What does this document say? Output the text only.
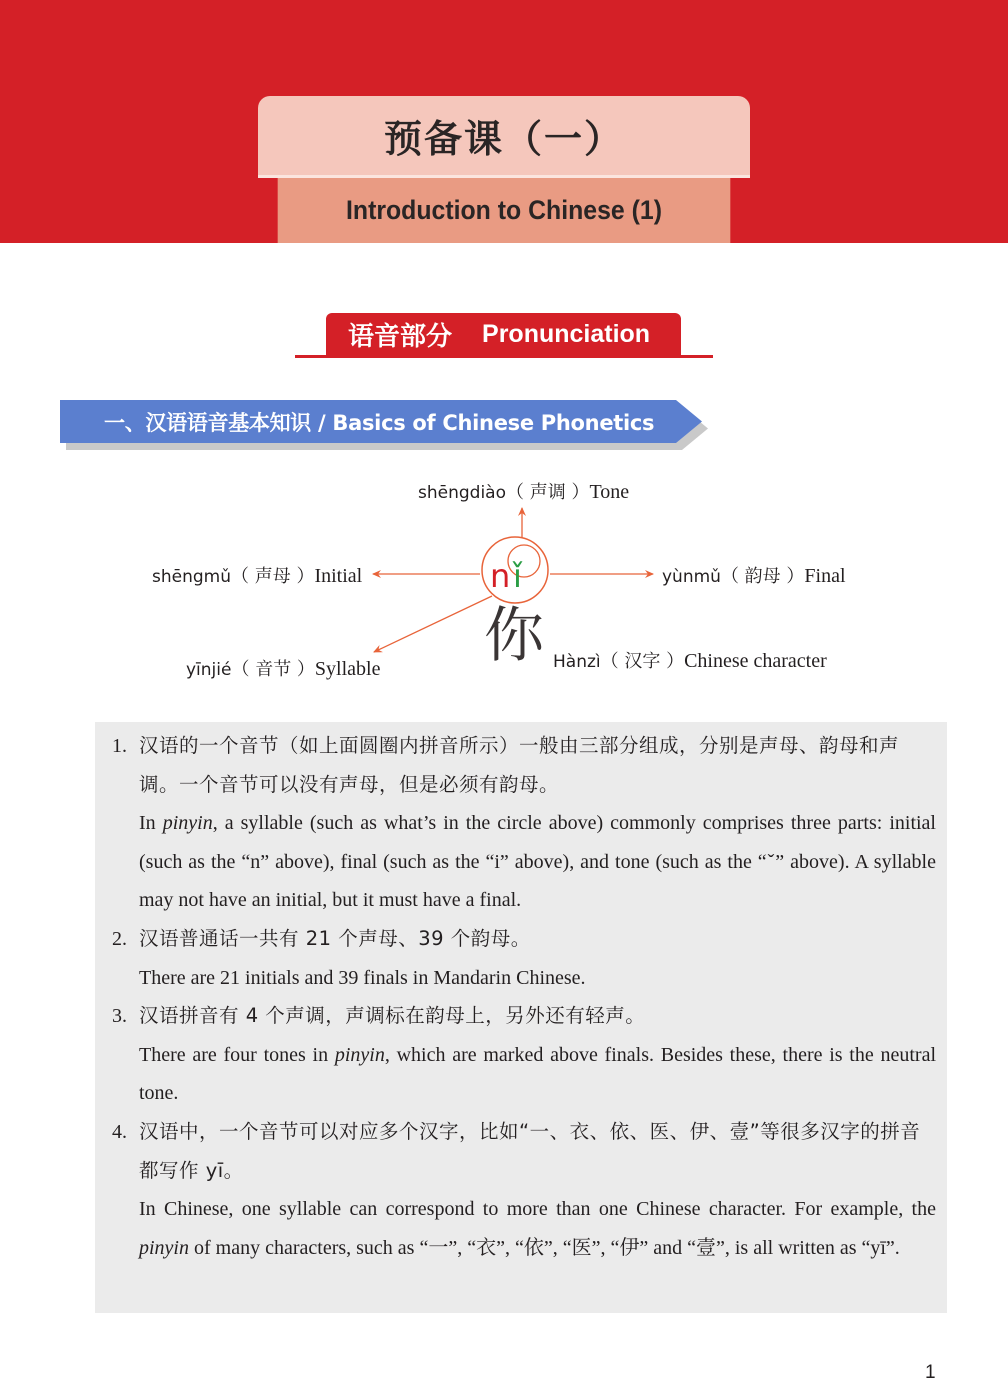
预备课（一）
Introduction to Chinese (1)
语音部分 Pronunciation
一、汉语语音基本知识 / Basics of Chinese Phonetics
n ǐ
shēngdiào（ 声调 ）Tone
shēngmǔ（ 声母 ）Initial	yùnmǔ（ 韵母 ）Final
yīnjié（ 音节 ）Syllable 你 Hànzì（ 汉字 ）Chinese character
1. 汉语的一个音节（如上面圆圈内拼音所示）一般由三部分组成，分别是声母、韵母和声调。一个音节可以没有声母，但是必须有韵母。
In pinyin, a syllable (such as what’s in the circle above) commonly comprises three parts: initial (such as the “n” above), final (such as the “i” above), and tone (such as the “ˇ” above). A syllable may not have an initial, but it must have a final.
2. 汉语普通话一共有 21 个声母、39 个韵母。
There are 21 initials and 39 finals in Mandarin Chinese.
3. 汉语拼音有 4 个声调，声调标在韵母上，另外还有轻声。
There are four tones in pinyin, which are marked above finals. Besides these, there is the neutral tone.
4. 汉语中，一个音节可以对应多个汉字，比如“一、衣、依、医、伊、壹”等很多汉字的拼音都写作 yī。
In Chinese, one syllable can correspond to more than one Chinese character. For example, the pinyin of many characters, such as “一”, “衣”, “依”, “医”, “伊” and “壹”, is all written as “yī”.
1
